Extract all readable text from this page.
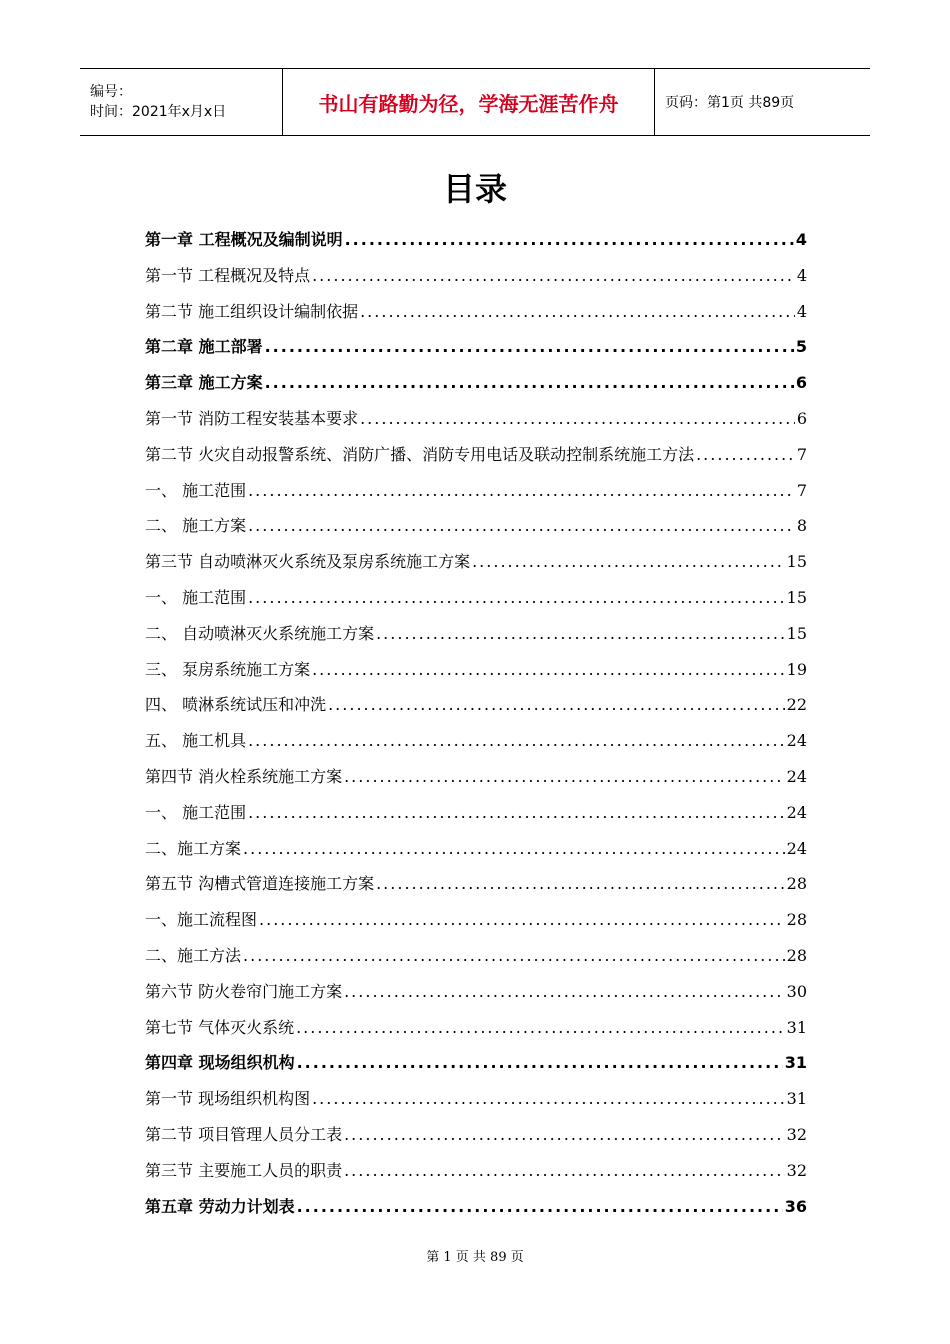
编号：
时间：2021年x月x日	书山有路勤为径，学海无涯苦作舟	页码：第1页 共89页
目录
第一章 工程概况及编制说明 .....	4
第一节 工程概况及特点 .....	4
第二节 施工组织设计编制依据 .....	4
第二章 施工部署 .....	5
第三章 施工方案 .....	6
第一节 消防工程安装基本要求 .....	6
第二节 火灾自动报警系统、消防广播、消防专用电话及联动控制系统施工方法 .....	7
一、 施工范围 .....	7
二、 施工方案 .....	8
第三节 自动喷淋灭火系统及泵房系统施工方案 .....	15
一、 施工范围 .....	15
二、 自动喷淋灭火系统施工方案 .....	15
三、 泵房系统施工方案 .....	19
四、 喷淋系统试压和冲洗 .....	22
五、 施工机具 .....	24
第四节 消火栓系统施工方案 .....	24
一、 施工范围 .....	24
二、施工方案 .....	24
第五节 沟槽式管道连接施工方案 .....	28
一、施工流程图 .....	28
二、施工方法 .....	28
第六节 防火卷帘门施工方案 .....	30
第七节 气体灭火系统 .....	31
第四章 现场组织机构 .....	31
第一节 现场组织机构图 .....	31
第二节 项目管理人员分工表 .....	32
第三节 主要施工人员的职责 .....	32
第五章 劳动力计划表 .....	36
第 1 页 共 89 页
